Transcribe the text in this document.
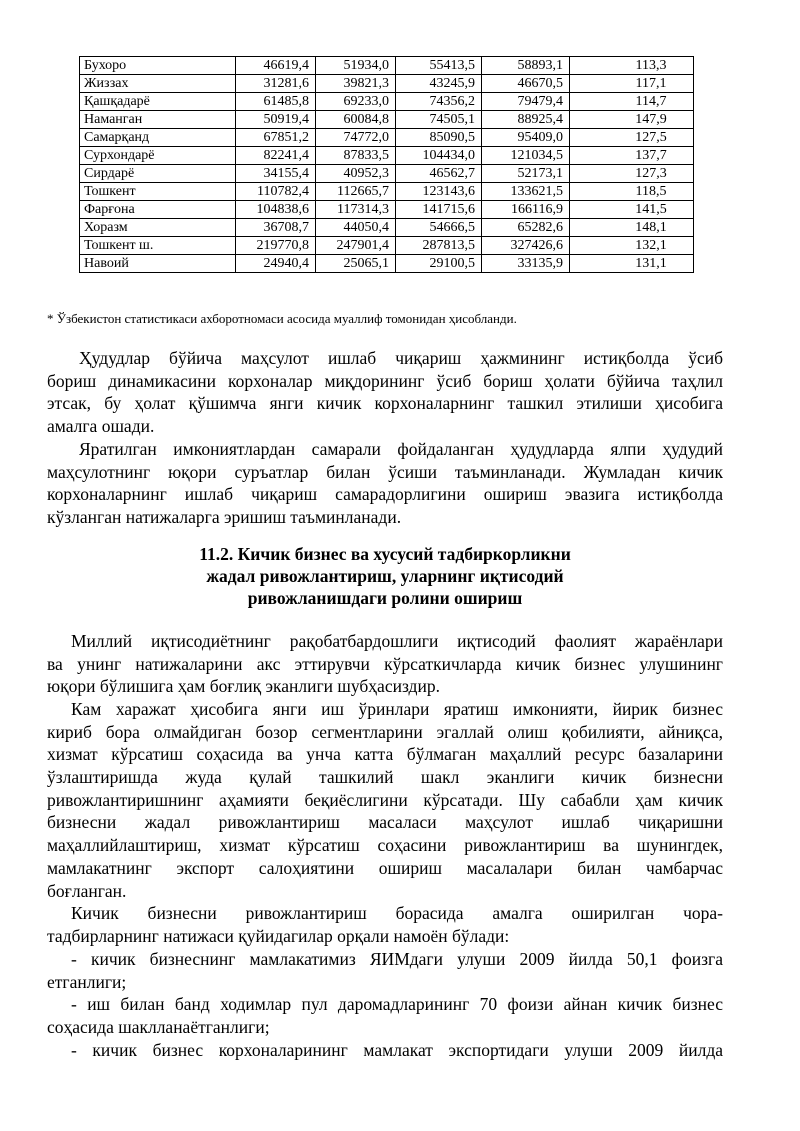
Бухоро	46619,4	51934,0	55413,5	58893,1	113,3
Жиззах	31281,6	39821,3	43245,9	46670,5	117,1
Қашқадарё	61485,8	69233,0	74356,2	79479,4	114,7
Наманган	50919,4	60084,8	74505,1	88925,4	147,9
Самарқанд	67851,2	74772,0	85090,5	95409,0	127,5
Сурхондарё	82241,4	87833,5	104434,0	121034,5	137,7
Сирдарё	34155,4	40952,3	46562,7	52173,1	127,3
Тошкент	110782,4	112665,7	123143,6	133621,5	118,5
Фарғона	104838,6	117314,3	141715,6	166116,9	141,5
Хоразм	36708,7	44050,4	54666,5	65282,6	148,1
Тошкент ш.	219770,8	247901,4	287813,5	327426,6	132,1
Навоий	24940,4	25065,1	29100,5	33135,9	131,1
* Ўзбекистон статистикаси ахборотномаси асосида муаллиф томонидан ҳисобланди.
Ҳудудлар бўйича маҳсулот ишлаб чиқариш ҳажмининг истиқболда ўсиб
бориш динамикасини корхоналар миқдорининг ўсиб бориш ҳолати бўйича таҳлил
этсак, бу ҳолат қўшимча янги кичик корхоналарнинг ташкил этилиши ҳисобига
амалга ошади.
Яратилган имкониятлардан самарали фойдаланган ҳудудларда ялпи ҳудудий
маҳсулотнинг юқори суръатлар билан ўсиши таъминланади. Жумладан кичик
корхоналарнинг ишлаб чиқариш самарадорлигини ошириш эвазига истиқболда
кўзланган натижаларга эришиш таъминланади.
11.2. Кичик бизнес ва хусусий тадбиркорликни
жадал ривожлантириш, уларнинг иқтисодий
ривожланишдаги ролини ошириш
Миллий иқтисодиётнинг рақобатбардошлиги иқтисодий фаолият жараёнлари
ва унинг натижаларини акс эттирувчи кўрсаткичларда кичик бизнес улушининг
юқори бўлишига ҳам боғлиқ эканлиги шубҳасиздир.
Кам харажат ҳисобига янги иш ўринлари яратиш имконияти, йирик бизнес
кириб бора олмайдиган бозор сегментларини эгаллай олиш қобилияти, айниқса,
хизмат кўрсатиш соҳасида ва унча катта бўлмаган маҳаллий ресурс базаларини
ўзлаштиришда жуда қулай ташкилий шакл эканлиги кичик бизнесни
ривожлантиришнинг аҳамияти беқиёслигини кўрсатади. Шу сабабли ҳам кичик
бизнесни жадал ривожлантириш масаласи маҳсулот ишлаб чиқаришни
маҳаллийлаштириш, хизмат кўрсатиш соҳасини ривожлантириш ва шунингдек,
мамлакатнинг экспорт салоҳиятини ошириш масалалари билан чамбарчас
боғланган.
Кичик бизнесни ривожлантириш борасида амалга оширилган чора-
тадбирларнинг натижаси қуйидагилар орқали намоён бўлади:
- кичик бизнеснинг мамлакатимиз ЯИМдаги улуши 2009 йилда 50,1 фоизга
етганлиги;
- иш билан банд ходимлар пул даромадларининг 70 фоизи айнан кичик бизнес
соҳасида шаклланаётганлиги;
- кичик бизнес корхоналарининг мамлакат экспортидаги улуши 2009 йилда
